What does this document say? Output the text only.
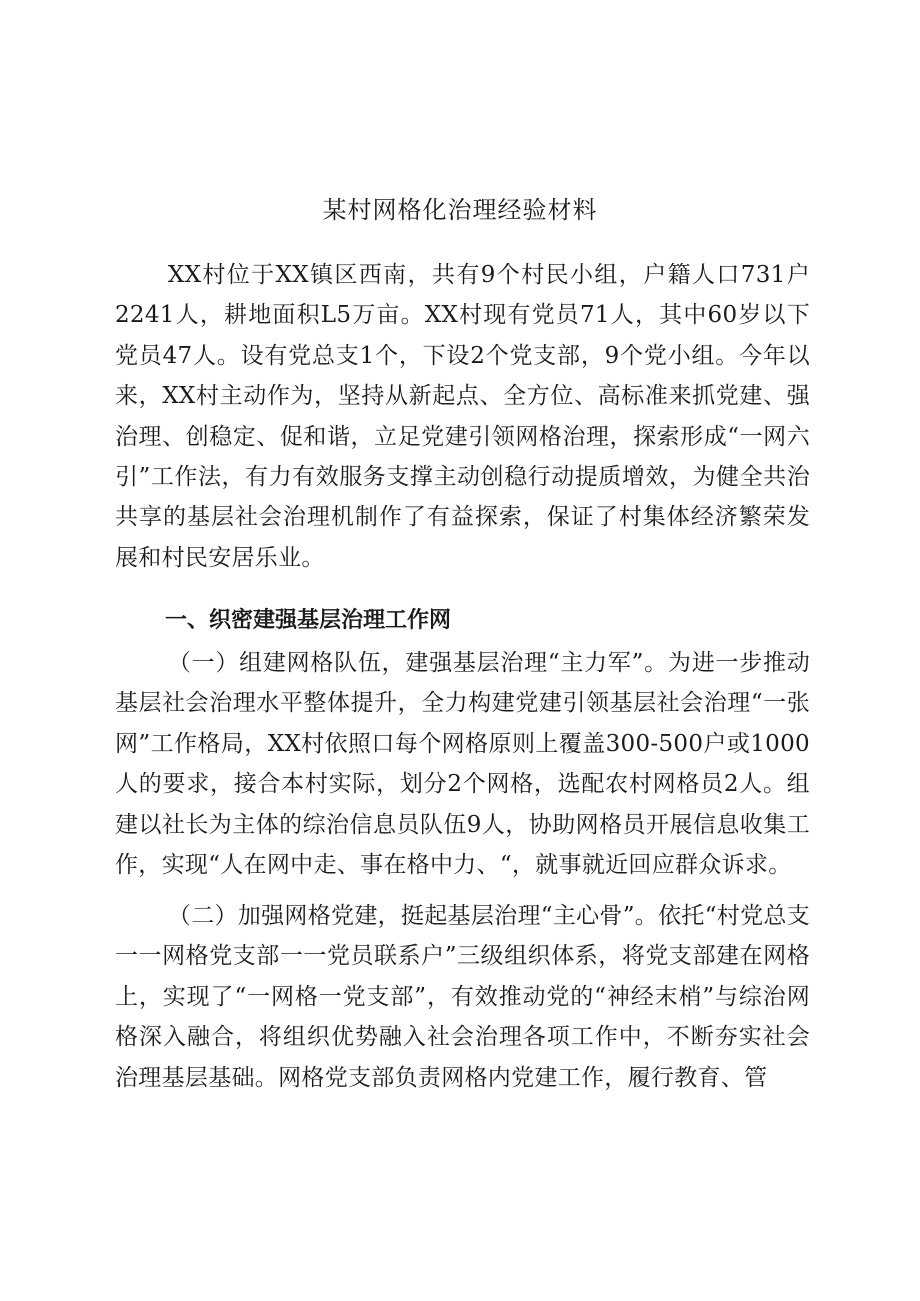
某村网格化治理经验材料

XX村位于XX镇区西南，共有9个村民小组，户籍人口731户2241人，耕地面积L5万亩。XX村现有党员71人，其中60岁以下党员47人。设有党总支1个，下设2个党支部，9个党小组。今年以来，XX村主动作为，坚持从新起点、全方位、高标准来抓党建、强治理、创稳定、促和谐，立足党建引领网格治理，探索形成“一网六引”工作法，有力有效服务支撑主动创稳行动提质增效，为健全共治共享的基层社会治理机制作了有益探索，保证了村集体经济繁荣发展和村民安居乐业。

一、织密建强基层治理工作网

（一）组建网格队伍，建强基层治理“主力军”。为进一步推动基层社会治理水平整体提升，全力构建党建引领基层社会治理“一张网”工作格局，XX村依照口每个网格原则上覆盖300-500户或1000人的要求，接合本村实际，划分2个网格，选配农村网格员2人。组建以社长为主体的综治信息员队伍9人，协助网格员开展信息收集工作，实现“人在网中走、事在格中力、“，就事就近回应群众诉求。

（二）加强网格党建，挺起基层治理“主心骨”。依托“村党总支一一网格党支部一一党员联系户”三级组织体系，将党支部建在网格上，实现了“一网格一党支部”，有效推动党的“神经末梢”与综治网格深入融合，将组织优势融入社会治理各项工作中，不断夯实社会治理基层基础。网格党支部负责网格内党建工作，履行教育、管
